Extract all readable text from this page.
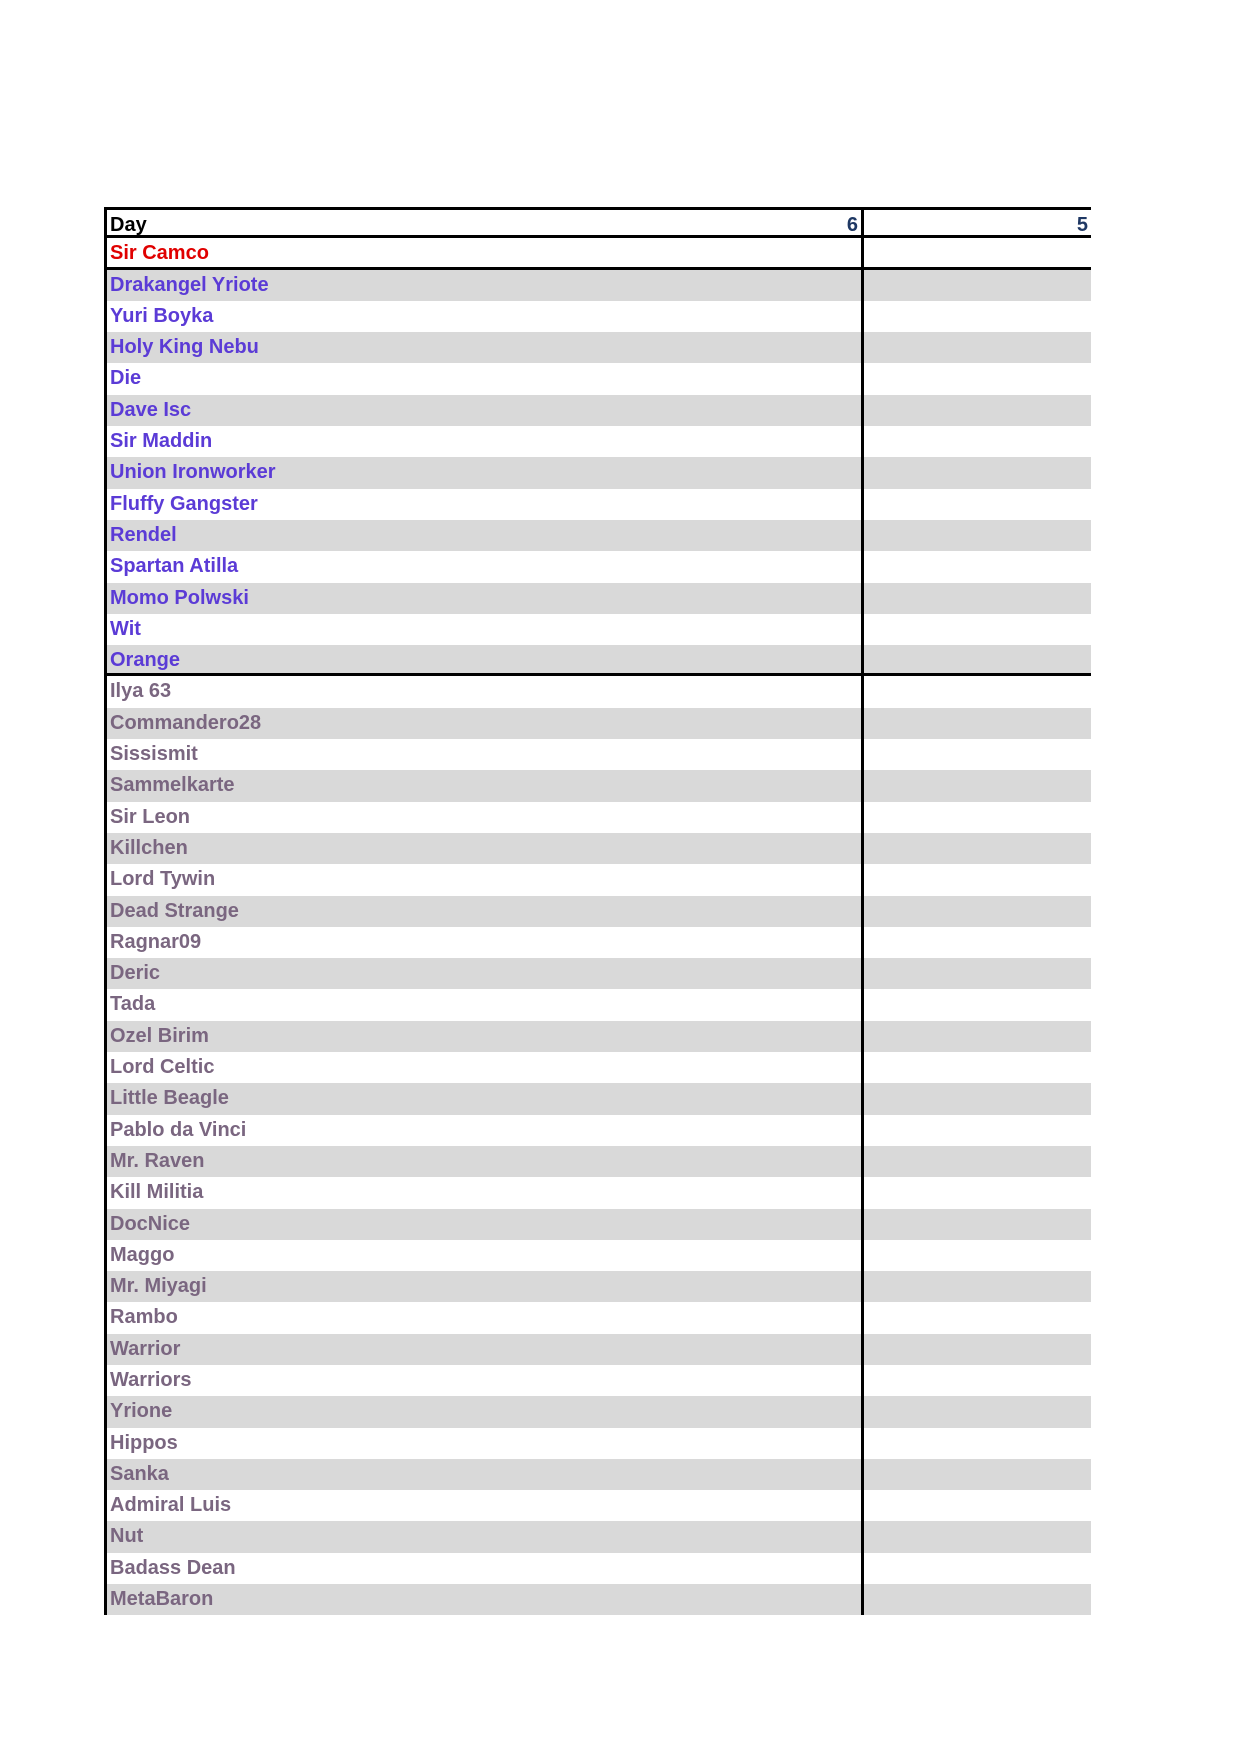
Day	6	5
Sir Camco
Drakangel Yriote
Yuri Boyka
Holy King Nebu
Die
Dave Isc
Sir Maddin
Union Ironworker
Fluffy Gangster
Rendel
Spartan Atilla
Momo Polwski
Wit
Orange
Ilya 63
Commandero28
Sissismit
Sammelkarte
Sir Leon
Killchen
Lord Tywin
Dead Strange
Ragnar09
Deric
Tada
Ozel Birim
Lord Celtic
Little Beagle
Pablo da Vinci
Mr. Raven
Kill Militia
DocNice
Maggo
Mr. Miyagi
Rambo
Warrior
Warriors
Yrione
Hippos
Sanka
Admiral Luis
Nut
Badass Dean
MetaBaron
